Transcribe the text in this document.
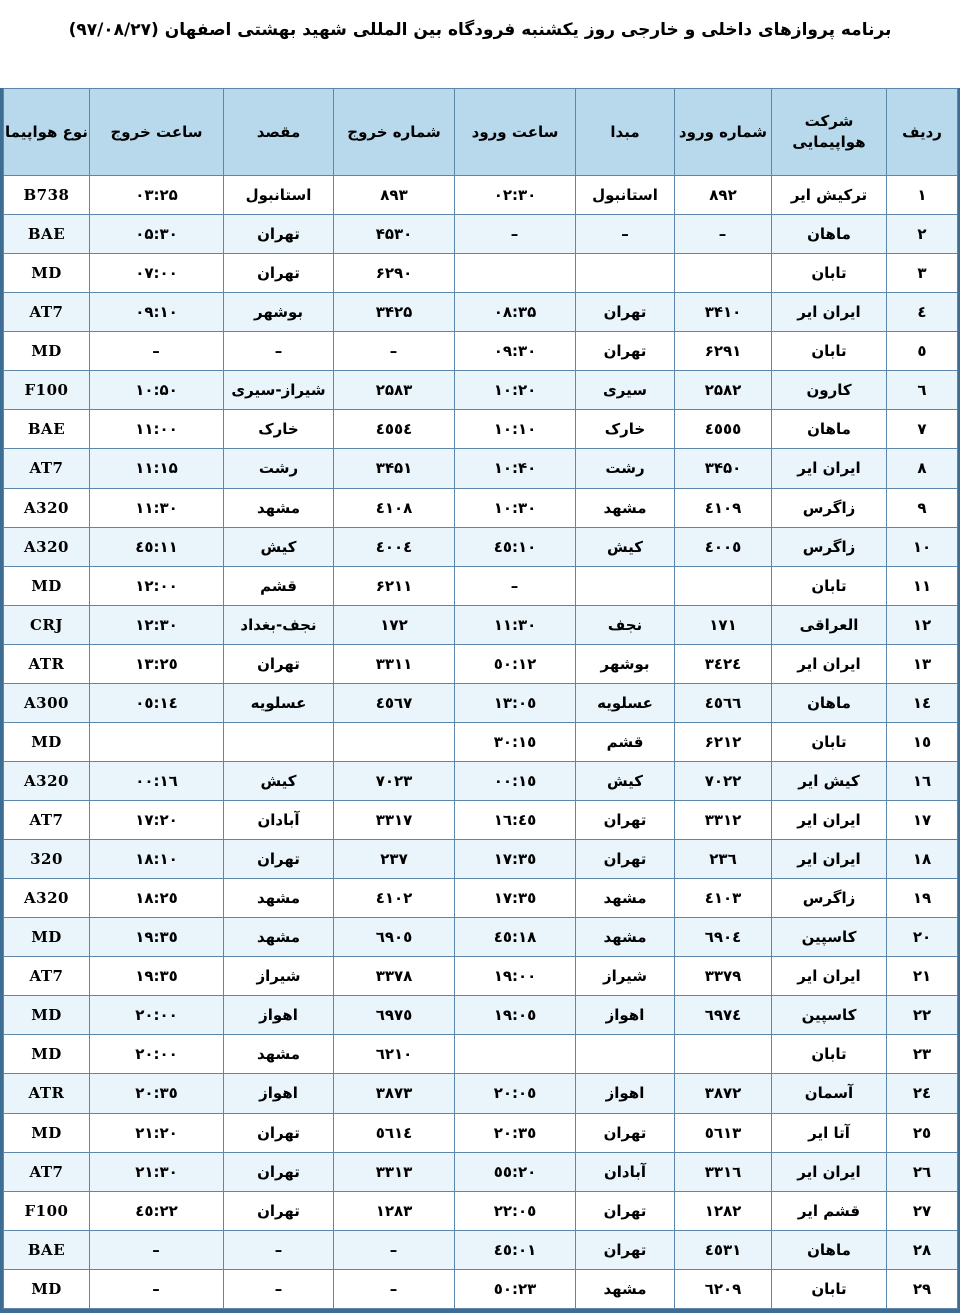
برنامه پروازهای داخلی و خارجی روز یکشنبه فرودگاه بین المللی شهید بهشتی اصفهان (۹۷/۰۸/۲۷)
ردیف	شرکت هواپیمایی	شماره ورود	مبدا	ساعت ورود	شماره خروج	مقصد	ساعت خروج	نوع هواپیما
۱	ترکیش ایر	۸۹۲	استانبول	۰۲:۳۰	۸۹۳	استانبول	۰۳:۲۵	B738
۲	ماهان	–	–	–	۴۵۳۰	تهران	۰۵:۳۰	BAE
۳	تابان				۶۲۹۰	تهران	۰۷:۰۰	MD
٤	ایران ایر	۳۴۱۰	تهران	۰۸:۳۵	۳۴۲۵	بوشهر	۰۹:۱۰	AT7
٥	تابان	۶۲۹۱	تهران	۰۹:۳۰	–	–	–	MD
٦	کارون	۲۵۸۲	سیری	۱۰:۲۰	۲۵۸۳	شیراز-سیری	۱۰:۵۰	F100
۷	ماهان	٤٥٥٥	خارک	۱۰:۱۰	٤٥٥٤	خارک	۱۱:۰۰	BAE
۸	ایران ایر	۳۴۵۰	رشت	۱۰:۴۰	۳۴۵۱	رشت	۱۱:۱۵	AT7
۹	زاگرس	٤۱۰۹	مشهد	۱۰:۳۰	٤۱۰۸	مشهد	۱۱:۳۰	A320
۱۰	زاگرس	٤۰۰٥	کیش	۱۰:٤٥	٤۰۰٤	کیش	۱۱:٤٥	A320
۱۱	تابان			–	۶۲۱۱	قشم	۱۲:۰۰	MD
۱۲	العراقی	۱۷۱	نجف	۱۱:۳۰	۱۷۲	نجف-بغداد	۱۲:۳۰	CRJ
۱۳	ایران ایر	۳٤۲٤	بوشهر	۱۲:٥۰	۳۳۱۱	تهران	۱۳:۲٥	ATR
۱٤	ماهان	٤٥٦٦	عسلویه	۱۳:۰٥	٤٥٦۷	عسلویه	۱٤:۰٥	A300
۱٥	تابان	۶۲۱۲	قشم	۱٥:۳۰				MD
۱٦	کیش ایر	۷۰۲۲	کیش	۱٥:۰۰	۷۰۲۳	کیش	۱٦:۰۰	A320
۱۷	ایران ایر	۳۳۱۲	تهران	۱٦:٤٥	۳۳۱۷	آبادان	۱۷:۲۰	AT7
۱۸	ایران ایر	۲۳٦	تهران	۱۷:۳٥	۲۳۷	تهران	۱۸:۱۰	320
۱۹	زاگرس	٤۱۰۳	مشهد	۱۷:۳٥	٤۱۰۲	مشهد	۱۸:۲٥	A320
۲۰	کاسپین	٦۹۰٤	مشهد	۱۸:٤٥	٦۹۰٥	مشهد	۱۹:۳٥	MD
۲۱	ایران ایر	۳۳۷۹	شیراز	۱۹:۰۰	۳۳۷۸	شیراز	۱۹:۳٥	AT7
۲۲	کاسپین	٦۹۷٤	اهواز	۱۹:۰٥	٦۹۷٥	اهواز	۲۰:۰۰	MD
۲۳	تابان				٦۲۱۰	مشهد	۲۰:۰۰	MD
۲٤	آسمان	۳۸۷۲	اهواز	۲۰:۰٥	۳۸۷۳	اهواز	۲۰:۳٥	ATR
۲٥	آتا ایر	٥٦۱۳	تهران	۲۰:۳٥	٥٦۱٤	تهران	۲۱:۲۰	MD
۲٦	ایران ایر	۳۳۱٦	آبادان	۲۰:٥٥	۳۳۱۳	تهران	۲۱:۳۰	AT7
۲۷	قشم ایر	۱۲۸۲	تهران	۲۲:۰٥	۱۲۸۳	تهران	۲۲:٤٥	F100
۲۸	ماهان	٤٥۳۱	تهران	۰۱:٤٥	–	–	–	BAE
۲۹	تابان	٦۲۰۹	مشهد	۲۳:٥۰	–	–	–	MD
